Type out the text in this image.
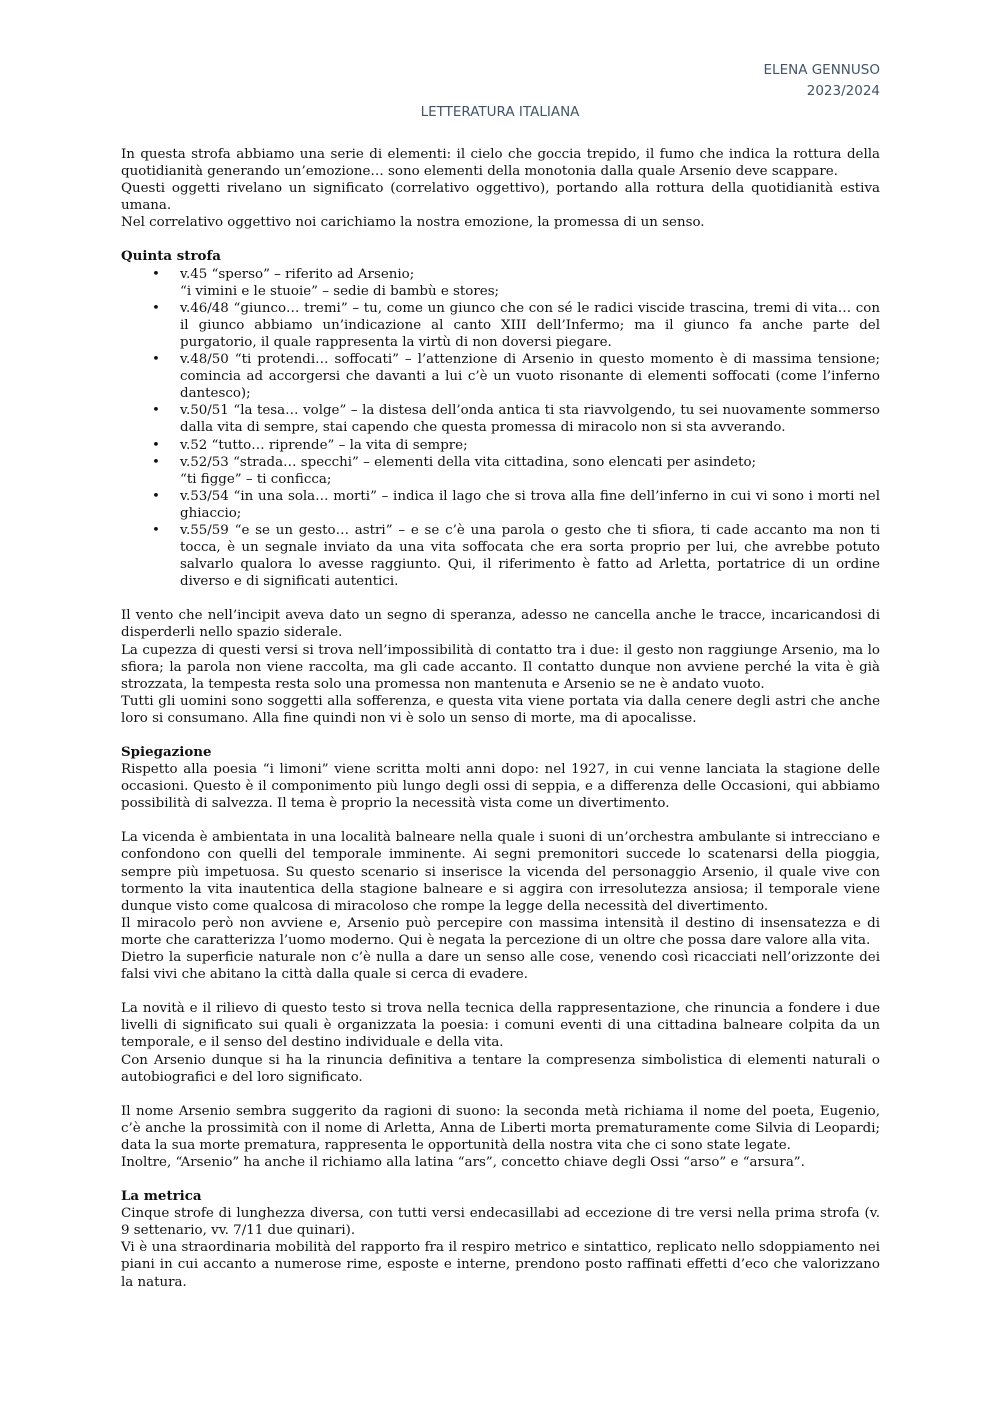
ELENA GENNUSO
2023/2024
LETTERATURA ITALIANA

In questa strofa abbiamo una serie di elementi: il cielo che goccia trepido, il fumo che indica la rottura della quotidianità generando un’emozione… sono elementi della monotonia dalla quale Arsenio deve scappare.

Questi oggetti rivelano un significato (correlativo oggettivo), portando alla rottura della quotidianità estiva umana.

Nel correlativo oggettivo noi carichiamo la nostra emozione, la promessa di un senso.

Quinta strofa
• v.45 “sperso” – riferito ad Arsenio;
“i vimini e le stuoie” – sedie di bambù e stores;
• v.46/48 “giunco… tremi” – tu, come un giunco che con sé le radici viscide trascina, tremi di vita… con il giunco abbiamo un’indicazione al canto XIII dell’Infermo; ma il giunco fa anche parte del purgatorio, il quale rappresenta la virtù di non doversi piegare.
• v.48/50 “ti protendi… soffocati” – l’attenzione di Arsenio in questo momento è di massima tensione; comincia ad accorgersi che davanti a lui c’è un vuoto risonante di elementi soffocati (come l’inferno dantesco);
• v.50/51 “la tesa… volge” – la distesa dell’onda antica ti sta riavvolgendo, tu sei nuovamente sommerso dalla vita di sempre, stai capendo che questa promessa di miracolo non si sta avverando.
• v.52 “tutto… riprende” – la vita di sempre;
• v.52/53 “strada… specchi” – elementi della vita cittadina, sono elencati per asindeto;
“ti figge” – ti conficca;
• v.53/54 “in una sola… morti” – indica il lago che si trova alla fine dell’inferno in cui vi sono i morti nel ghiaccio;
• v.55/59 “e se un gesto… astri” – e se c’è una parola o gesto che ti sfiora, ti cade accanto ma non ti tocca, è un segnale inviato da una vita soffocata che era sorta proprio per lui, che avrebbe potuto salvarlo qualora lo avesse raggiunto. Qui, il riferimento è fatto ad Arletta, portatrice di un ordine diverso e di significati autentici.

Il vento che nell’incipit aveva dato un segno di speranza, adesso ne cancella anche le tracce, incaricandosi di disperderli nello spazio siderale.

La cupezza di questi versi si trova nell’impossibilità di contatto tra i due: il gesto non raggiunge Arsenio, ma lo sfiora; la parola non viene raccolta, ma gli cade accanto. Il contatto dunque non avviene perché la vita è già strozzata, la tempesta resta solo una promessa non mantenuta e Arsenio se ne è andato vuoto.

Tutti gli uomini sono soggetti alla sofferenza, e questa vita viene portata via dalla cenere degli astri che anche loro si consumano. Alla fine quindi non vi è solo un senso di morte, ma di apocalisse.

Spiegazione

Rispetto alla poesia “i limoni” viene scritta molti anni dopo: nel 1927, in cui venne lanciata la stagione delle occasioni. Questo è il componimento più lungo degli ossi di seppia, e a differenza delle Occasioni, qui abbiamo possibilità di salvezza. Il tema è proprio la necessità vista come un divertimento.

La vicenda è ambientata in una località balneare nella quale i suoni di un’orchestra ambulante si intrecciano e confondono con quelli del temporale imminente. Ai segni premonitori succede lo scatenarsi della pioggia, sempre più impetuosa. Su questo scenario si inserisce la vicenda del personaggio Arsenio, il quale vive con tormento la vita inautentica della stagione balneare e si aggira con irresolutezza ansiosa; il temporale viene dunque visto come qualcosa di miracoloso che rompe la legge della necessità del divertimento.

Il miracolo però non avviene e, Arsenio può percepire con massima intensità il destino di insensatezza e di morte che caratterizza l’uomo moderno. Qui è negata la percezione di un oltre che possa dare valore alla vita.

Dietro la superficie naturale non c’è nulla a dare un senso alle cose, venendo così ricacciati nell’orizzonte dei falsi vivi che abitano la città dalla quale si cerca di evadere.

La novità e il rilievo di questo testo si trova nella tecnica della rappresentazione, che rinuncia a fondere i due livelli di significato sui quali è organizzata la poesia: i comuni eventi di una cittadina balneare colpita da un temporale, e il senso del destino individuale e della vita.

Con Arsenio dunque si ha la rinuncia definitiva a tentare la compresenza simbolistica di elementi naturali o autobiografici e del loro significato.

Il nome Arsenio sembra suggerito da ragioni di suono: la seconda metà richiama il nome del poeta, Eugenio, c’è anche la prossimità con il nome di Arletta, Anna de Liberti morta prematuramente come Silvia di Leopardi; data la sua morte prematura, rappresenta le opportunità della nostra vita che ci sono state legate.

Inoltre, “Arsenio” ha anche il richiamo alla latina “ars”, concetto chiave degli Ossi “arso” e “arsura”.

La metrica

Cinque strofe di lunghezza diversa, con tutti versi endecasillabi ad eccezione di tre versi nella prima strofa (v. 9 settenario, vv. 7/11 due quinari).

Vi è una straordinaria mobilità del rapporto fra il respiro metrico e sintattico, replicato nello sdoppiamento nei piani in cui accanto a numerose rime, esposte e interne, prendono posto raffinati effetti d’eco che valorizzano la natura.
